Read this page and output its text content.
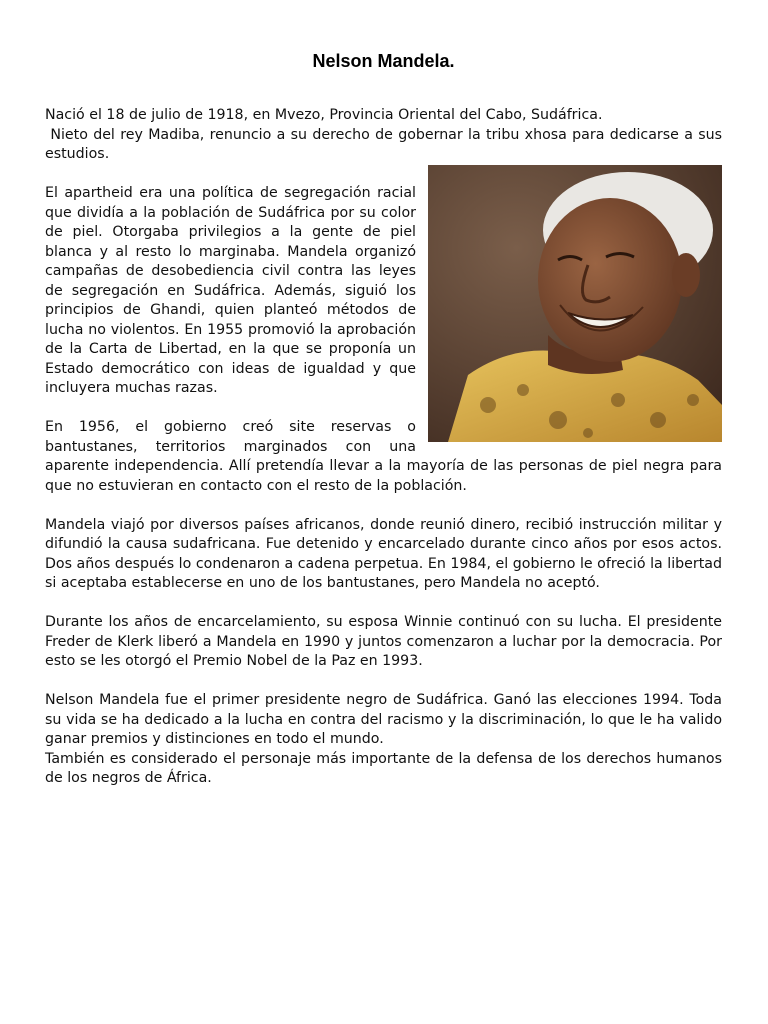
Nelson Mandela.

Nació el 18 de julio de 1918, en Mvezo, Provincia Oriental del Cabo, Sudáfrica.

Nieto del rey Madiba, renuncio a su derecho de gobernar la tribu xhosa para dedicarse a sus estudios.

El apartheid era una política de segregación racial que dividía a la población de Sudáfrica por su color de piel. Otorgaba privilegios a la gente de piel blanca y al resto lo marginaba. Mandela organizó campañas de desobediencia civil contra las leyes de segregación en Sudáfrica. Además, siguió los principios de Ghandi, quien planteó métodos de lucha no violentos. En 1955 promovió la aprobación de la Carta de Libertad, en la que se proponía un Estado democrático con ideas de igualdad y que incluyera muchas razas.

En 1956, el gobierno creó site reservas o bantustanes, territorios marginados con una aparente independencia. Allí pretendía llevar a la mayoría de las personas de piel negra para que no estuvieran en contacto con el resto de la población.

Mandela viajó por diversos países africanos, donde reunió dinero, recibió instrucción militar y difundió la causa sudafricana. Fue detenido y encarcelado durante cinco años por esos actos. Dos años después lo condenaron a cadena perpetua. En 1984, el gobierno le ofreció la libertad si aceptaba establecerse en uno de los bantustanes, pero Mandela no aceptó.

Durante los años de encarcelamiento, su esposa Winnie continuó con su lucha. El presidente Freder de Klerk liberó a Mandela en 1990 y juntos comenzaron a luchar por la democracia. Por esto se les otorgó el Premio Nobel de la Paz en 1993.

Nelson Mandela fue el primer presidente negro de Sudáfrica. Ganó las elecciones 1994. Toda su vida se ha dedicado a la lucha en contra del racismo y la discriminación, lo que le ha valido ganar premios y distinciones en todo el mundo.

También es considerado el personaje más importante de la defensa de los derechos humanos de los negros de África.
